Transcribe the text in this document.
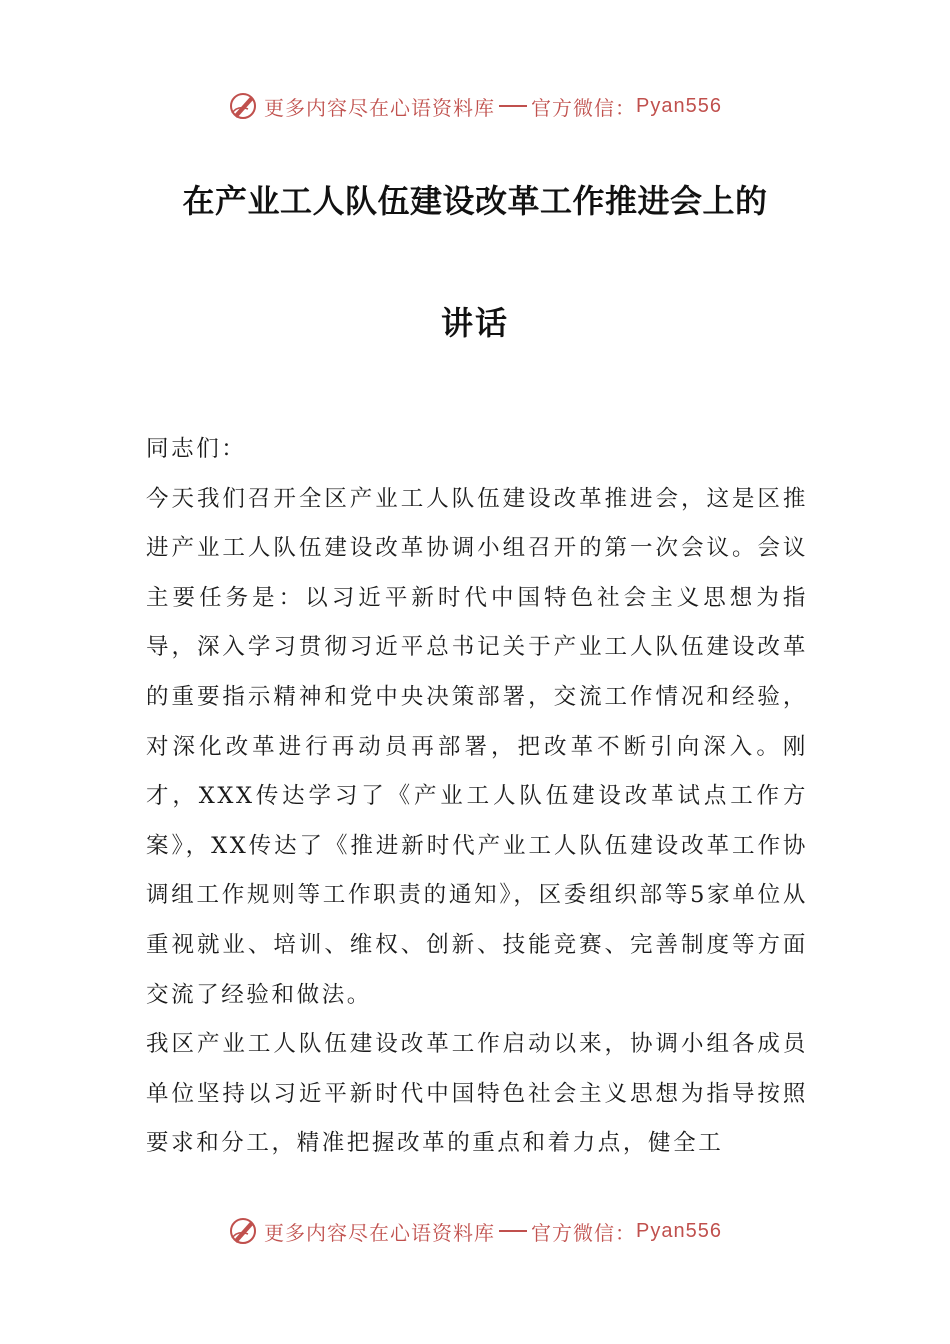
更多内容尽在心语资料库 官方微信： Pyan556
在产业工人队伍建设改革工作推进会上的
讲话

同志们：

今天我们召开全区产业工人队伍建设改革推进会，这是区推进产业工人队伍建设改革协调小组召开的第一次会议。会议主要任务是：以习近平新时代中国特色社会主义思想为指导，深入学习贯彻习近平总书记关于产业工人队伍建设改革的重要指示精神和党中央决策部署，交流工作情况和经验，对深化改革进行再动员再部署，把改革不断引向深入。刚才，XXX传达学习了《产业工人队伍建设改革试点工作方案》，XX传达了《推进新时代产业工人队伍建设改革工作协调组工作规则等工作职责的通知》，区委组织部等5家单位从重视就业、培训、维权、创新、技能竞赛、完善制度等方面交流了经验和做法。

我区产业工人队伍建设改革工作启动以来，协调小组各成员单位坚持以习近平新时代中国特色社会主义思想为指导按照要求和分工，精准把握改革的重点和着力点，健全工

更多内容尽在心语资料库 官方微信： Pyan556
